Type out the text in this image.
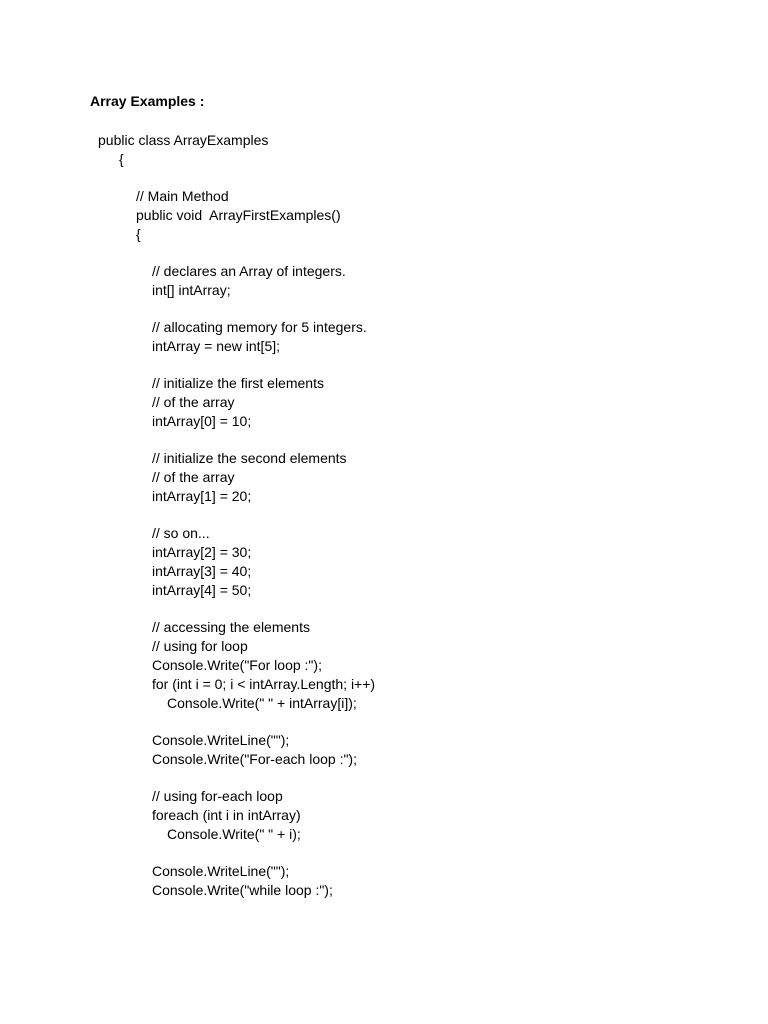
Array Examples :
public class ArrayExamples
{
// Main Method
public void  ArrayFirstExamples()
{
// declares an Array of integers.
int[] intArray;
// allocating memory for 5 integers.
intArray = new int[5];
// initialize the first elements
// of the array
intArray[0] = 10;
// initialize the second elements
// of the array
intArray[1] = 20;
// so on...
intArray[2] = 30;
intArray[3] = 40;
intArray[4] = 50;
// accessing the elements
// using for loop
Console.Write("For loop :");
for (int i = 0; i < intArray.Length; i++)
Console.Write(" " + intArray[i]);
Console.WriteLine("");
Console.Write("For-each loop :");
// using for-each loop
foreach (int i in intArray)
Console.Write(" " + i);
Console.WriteLine("");
Console.Write("while loop :");
